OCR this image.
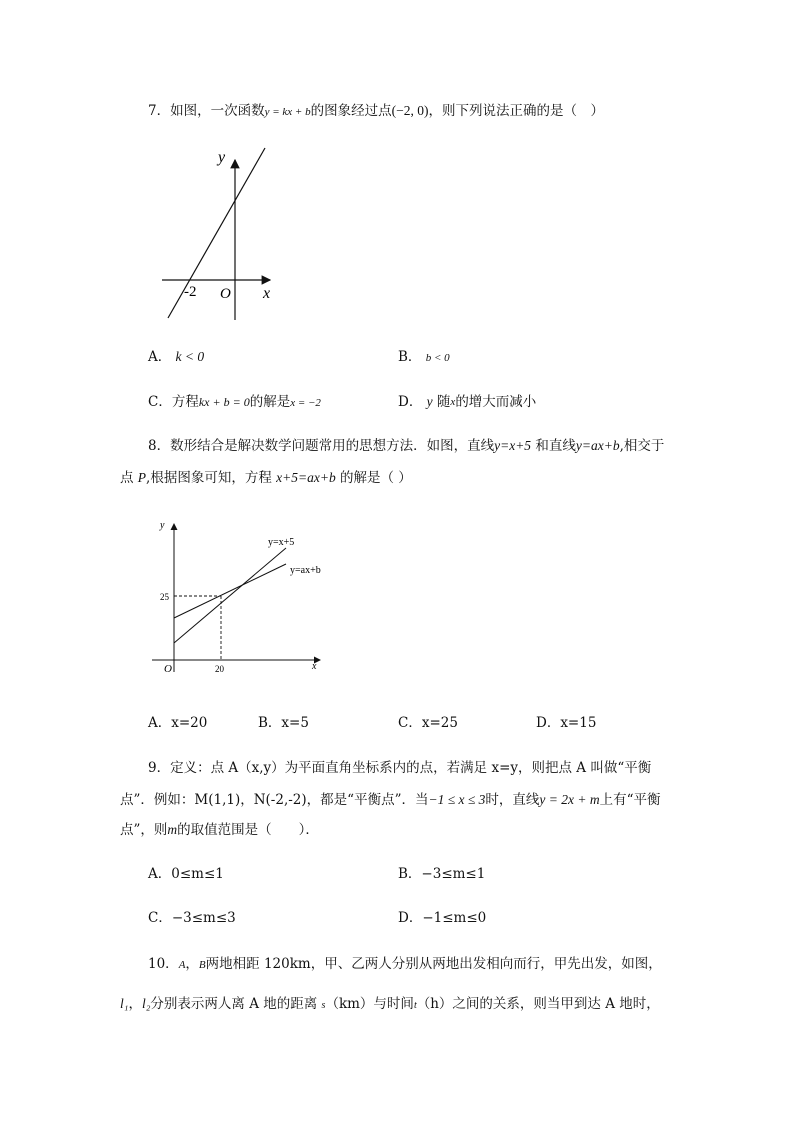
7．如图，一次函数y = kx + b的图象经过点(−2, 0)，则下列说法正确的是（　）
y
x
O
-2
A． k < 0	B． b < 0
C．方程kx + b = 0的解是x = −2	D． y 随$^x$的增大而减小
8．数形结合是解决数学问题常用的思想方法．如图，直线y=x+5 和直线y=ax+b,相交于
点 P,根据图象可知，方程 x+5=ax+b 的解是（ ）
y
x
O	20
25
y=x+5
y=ax+b
A．x=20	B．x=5	C．x=25	D．x=15
9．定义：点 A（x,y）为平面直角坐标系内的点，若满足 x=y，则把点 A 叫做“平衡
点”．例如：M(1,1)，N(-2,-2)，都是“平衡点”．当−1 ≤ x ≤ 3时，直线y = 2x + m上有“平衡
点”，则m的取值范围是（　　）．
A．0≤m≤1	B．−3≤m≤1
C．−3≤m≤3	D．−1≤m≤0
10．A，B两地相距 120km，甲、乙两人分别从两地出发相向而行，甲先出发，如图，
l₁，l₂分别表示两人离 A 地的距离 s（km）与时间t（h）之间的关系，则当甲到达 A 地时，
